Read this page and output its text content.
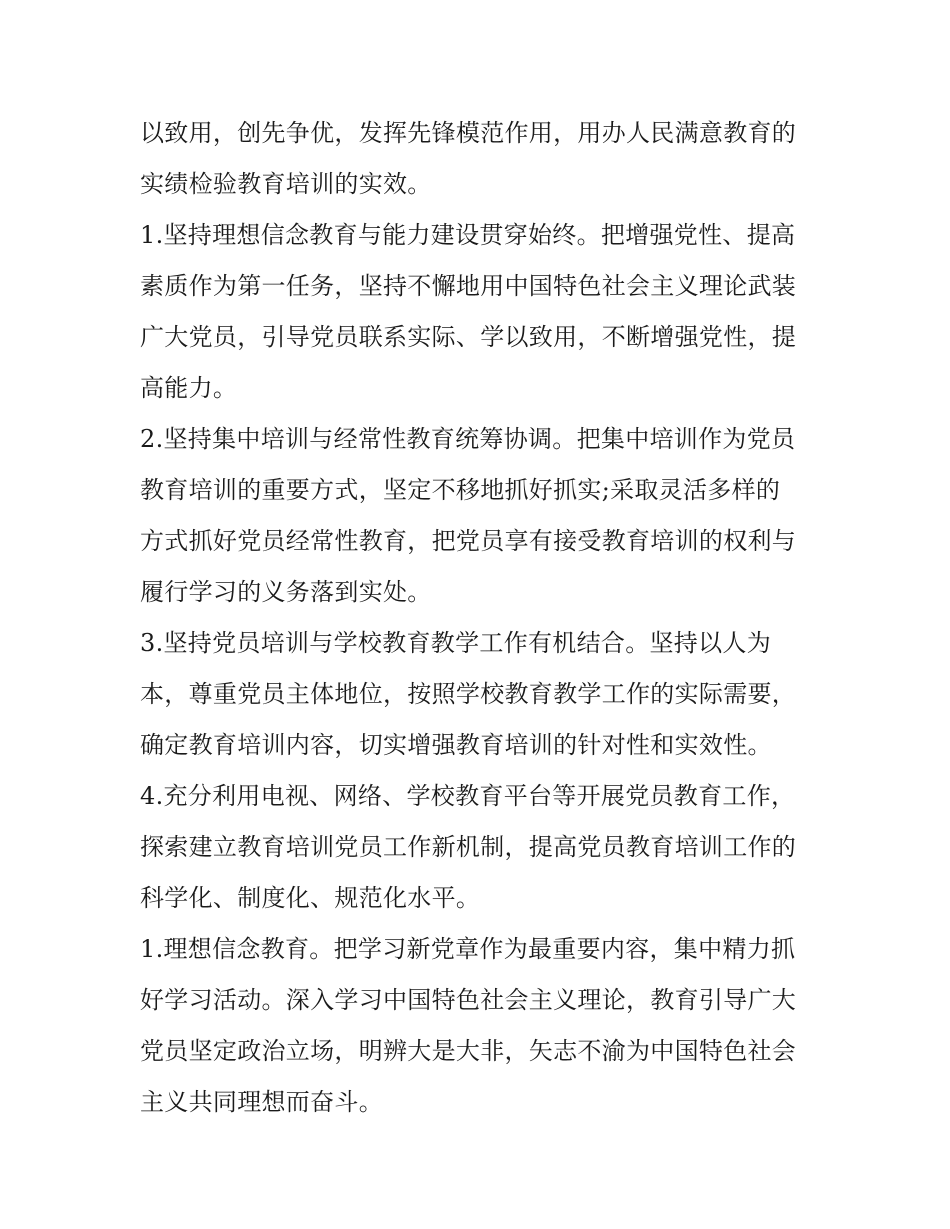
以致用，创先争优，发挥先锋模范作用，用办人民满意教育的
实绩检验教育培训的实效。
1.坚持理想信念教育与能力建设贯穿始终。把增强党性、提高
素质作为第一任务，坚持不懈地用中国特色社会主义理论武装
广大党员，引导党员联系实际、学以致用，不断增强党性，提
高能力。
2.坚持集中培训与经常性教育统筹协调。把集中培训作为党员
教育培训的重要方式，坚定不移地抓好抓实;采取灵活多样的
方式抓好党员经常性教育，把党员享有接受教育培训的权利与
履行学习的义务落到实处。
3.坚持党员培训与学校教育教学工作有机结合。坚持以人为
本，尊重党员主体地位，按照学校教育教学工作的实际需要，
确定教育培训内容，切实增强教育培训的针对性和实效性。
4.充分利用电视、网络、学校教育平台等开展党员教育工作，
探索建立教育培训党员工作新机制，提高党员教育培训工作的
科学化、制度化、规范化水平。
1.理想信念教育。把学习新党章作为最重要内容，集中精力抓
好学习活动。深入学习中国特色社会主义理论，教育引导广大
党员坚定政治立场，明辨大是大非，矢志不渝为中国特色社会
主义共同理想而奋斗。
